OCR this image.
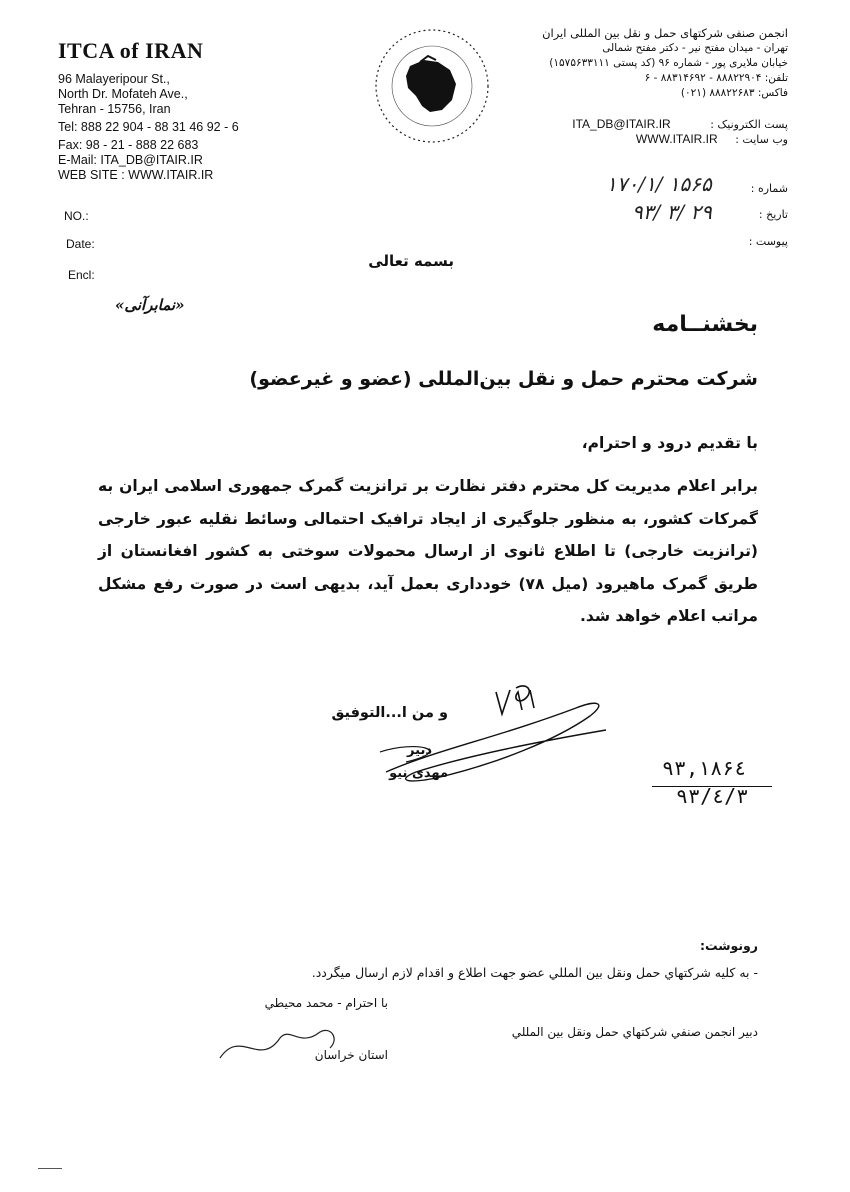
ITCA of IRAN
96 Malayeripour St.,
North Dr. Mofateh Ave.,
Tehran - 15756, Iran
Tel: 888 22 904 - 88 31 46 92 - 6
Fax: 98 - 21 - 888 22 683
E-Mail: ITA_DB@ITAIR.IR
WEB SITE : WWW.ITAIR.IR
انجمن صنفی شرکتهای حمل و نقل بین المللی ایران
تهران - میدان مفتح نیر - دکتر مفتح شمالی
خیابان ملایری پور - شماره ۹۶ (کد پستی ۱۵۷۵۶۳۳۱۱۱)
تلفن: ۸۸۸۲۲۹۰۴ - ۸۸۳۱۴۶۹۲ - ۶
فاکس: ۸۸۸۲۲۶۸۳ (۰۲۱)
پست الکترونیک : ITA_DB@ITAIR.IR
وب سایت : WWW.ITAIR.IR
NO.:
Date:
Encl:
شماره :
تاریخ :
پیوست :
۱۷۰/۱/ ۱۵۶۵
۹۳/ ۳/ ۲۹
بسمه تعالی
«نمابرآنی»
بخشنــامه
شرکت محترم حمل و نقل بین‌المللی (عضو و غیرعضو)
با تقدیم درود و احترام،
برابر اعلام مدیریت کل محترم دفتر نظارت بر ترانزیت گمرک جمهوری اسلامی ایران به گمرکات کشور، به منظور جلوگیری از ایجاد ترافیک احتمالی وسائط نقلیه عبور خارجی (ترانزیت خارجی) تا اطلاع ثانوی از ارسال محمولات سوختی به کشور افغانستان از طریق گمرک ماهیرود (میل ۷۸) خودداری بعمل آید، بدیهی است در صورت رفع مشکل مراتب اعلام خواهد شد.
و من ا...التوفیق
دبیر
مهدی نیو	۹۳,۱۸۶٤
۹۳/٤/۳
رونوشت:
- به کليه شرکتهاي حمل ونقل بين المللي عضو جهت اطلاع و اقدام لازم ارسال ميگردد.
با احترام - محمد محیطي
دبير انجمن صنفي شرکتهاي حمل ونقل بين المللي
استان خراسان
